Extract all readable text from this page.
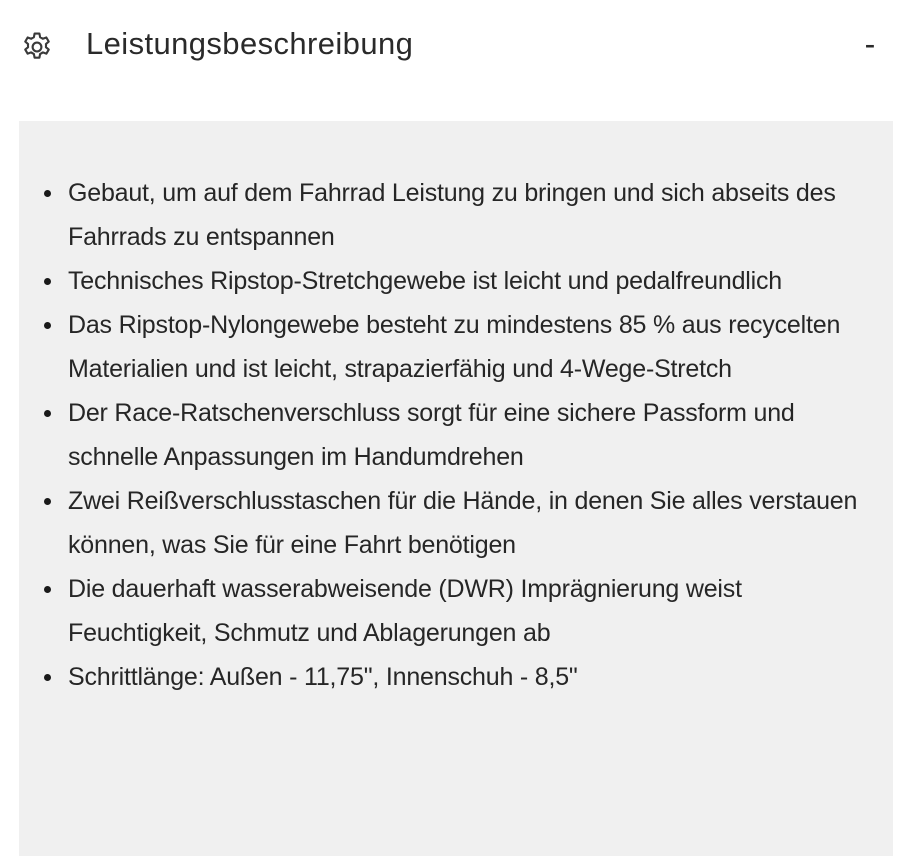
Leistungsbeschreibung	-
Gebaut, um auf dem Fahrrad Leistung zu bringen und sich abseits des Fahrrads zu entspannen
Technisches Ripstop-Stretchgewebe ist leicht und pedalfreundlich
Das Ripstop-Nylongewebe besteht zu mindestens 85 % aus recycelten Materialien und ist leicht, strapazierfähig und 4-Wege-Stretch
Der Race-Ratschenverschluss sorgt für eine sichere Passform und schnelle Anpassungen im Handumdrehen
Zwei Reißverschlusstaschen für die Hände, in denen Sie alles verstauen können, was Sie für eine Fahrt benötigen
Die dauerhaft wasserabweisende (DWR) Imprägnierung weist Feuchtigkeit, Schmutz und Ablagerungen ab
Schrittlänge: Außen - 11,75", Innenschuh - 8,5"
